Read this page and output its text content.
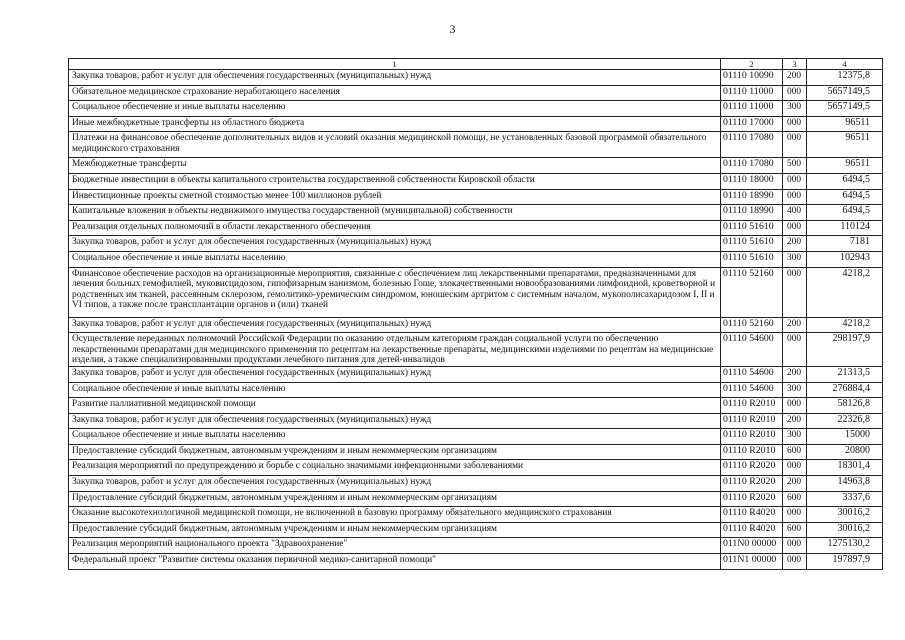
3
1	2	3	4
Закупка товаров, работ и услуг для обеспечения государственных (муниципальных) нужд	01110 10090	200	12375,8
Обязательное медицинское страхование неработающего населения	01110 11000	000	5657149,5
Социальное обеспечение и иные выплаты населению	01110 11000	300	5657149,5
Иные межбюджетные трансферты из областного бюджета	01110 17000	000	96511
Платежи на финансовое обеспечение дополнительных видов и условий оказания медицинской помощи, не установленных базовой программой обязательного медицинского страхования	01110 17080	000	96511
Межбюджетные трансферты	01110 17080	500	96511
Бюджетные инвестиции в объекты капитального строительства государственной собственности Кировской области	01110 18000	000	6494,5
Инвестиционные проекты сметной стоимостью менее 100 миллионов рублей	01110 18990	000	6494,5
Капитальные вложения в объекты недвижимого имущества государственной (муниципальной) собственности	01110 18990	400	6494,5
Реализация отдельных полномочий в области лекарственного обеспечения	01110 51610	000	110124
Закупка товаров, работ и услуг для обеспечения государственных (муниципальных) нужд	01110 51610	200	7181
Социальное обеспечение и иные выплаты населению	01110 51610	300	102943
Финансовое обеспечение расходов на организационные мероприятия, связанные с обеспечением лиц лекарственными препаратами, предназначенными для лечения больных гемофилией, муковисцидозом, гипофизарным нанизмом, болезнью Гоше, злокачественными новообразованиями лимфоидной, кроветворной и родственных им тканей, рассеянным склерозом, гемолитико-уремическим синдромом, юношеским артритом с системным началом, мукополисахаридозом I, II и VI типов, а также после трансплантации органов и (или) тканей	01110 52160	000	4218,2
Закупка товаров, работ и услуг для обеспечения государственных (муниципальных) нужд	01110 52160	200	4218,2
Осуществление переданных полномочий Российской Федерации по оказанию отдельным категориям граждан социальной услуги по обеспечению лекарственными препаратами для медицинского применения по рецептам на лекарственные препараты, медицинскими изделиями по рецептам на медицинские изделия, а также специализированными продуктами лечебного питания для детей-инвалидов	01110 54600	000	298197,9
Закупка товаров, работ и услуг для обеспечения государственных (муниципальных) нужд	01110 54600	200	21313,5
Социальное обеспечение и иные выплаты населению	01110 54600	300	276884,4
Развитие паллиативной медицинской помощи	01110 R2010	000	58126,8
Закупка товаров, работ и услуг для обеспечения государственных (муниципальных) нужд	01110 R2010	200	22326,8
Социальное обеспечение и иные выплаты населению	01110 R2010	300	15000
Предоставление субсидий бюджетным, автономным учреждениям и иным некоммерческим организациям	01110 R2010	600	20800
Реализация мероприятий по предупреждению и борьбе с социально значимыми инфекционными заболеваниями	01110 R2020	000	18301,4
Закупка товаров, работ и услуг для обеспечения государственных (муниципальных) нужд	01110 R2020	200	14963,8
Предоставление субсидий бюджетным, автономным учреждениям и иным некоммерческим организациям	01110 R2020	600	3337,6
Оказание высокотехнологичной медицинской помощи, не включенной в базовую программу обязательного медицинского страхования	01110 R4020	000	30016,2
Предоставление субсидий бюджетным, автономным учреждениям и иным некоммерческим организациям	01110 R4020	600	30016,2
Реализация мероприятий национального проекта "Здравоохранение"	011N0 00000	000	1275130,2
Федеральный проект "Развитие системы оказания первичной медико-санитарной помощи"	011N1 00000	000	197897,9
